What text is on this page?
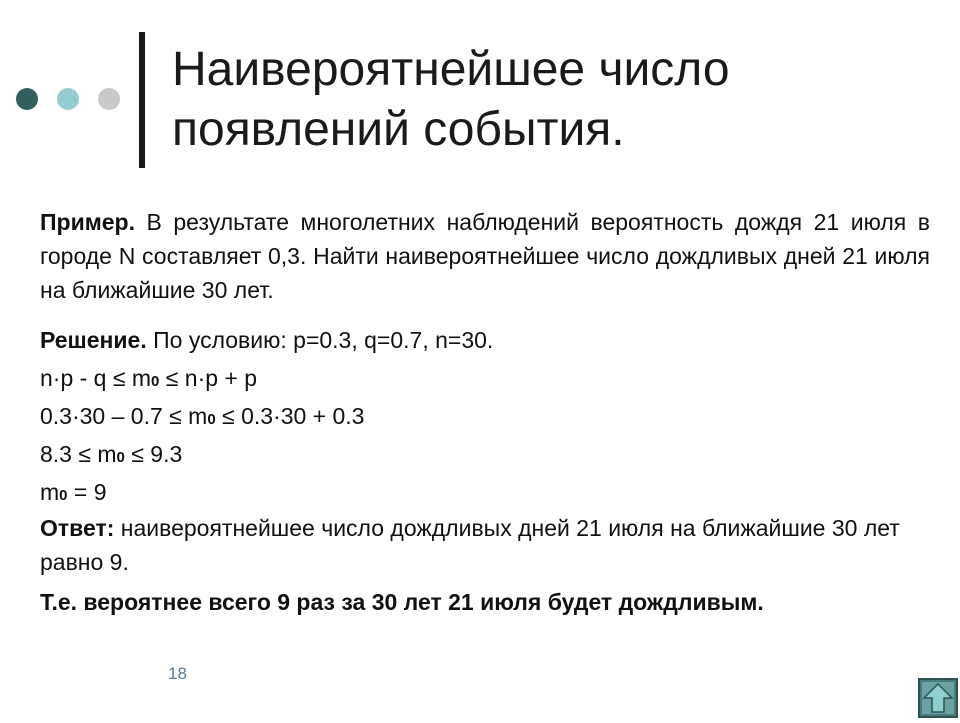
Наивероятнейшее число
появлений события.

Пример. В результате многолетних наблюдений вероятность дождя 21 июля в городе N составляет 0,3. Найти наивероятнейшее число дождливых дней 21 июля на ближайшие 30 лет.

Решение. По условию: p=0.3, q=0.7, n=30.

n·p - q ≤ m0 ≤ n·p + p

0.3·30 – 0.7 ≤ m0 ≤ 0.3·30 + 0.3

8.3 ≤ m0 ≤ 9.3

m0 = 9

Ответ: наивероятнейшее число дождливых дней 21 июля на ближайшие 30 лет равно 9.

Т.е. вероятнее всего 9 раз за 30 лет 21 июля будет дождливым.

18
